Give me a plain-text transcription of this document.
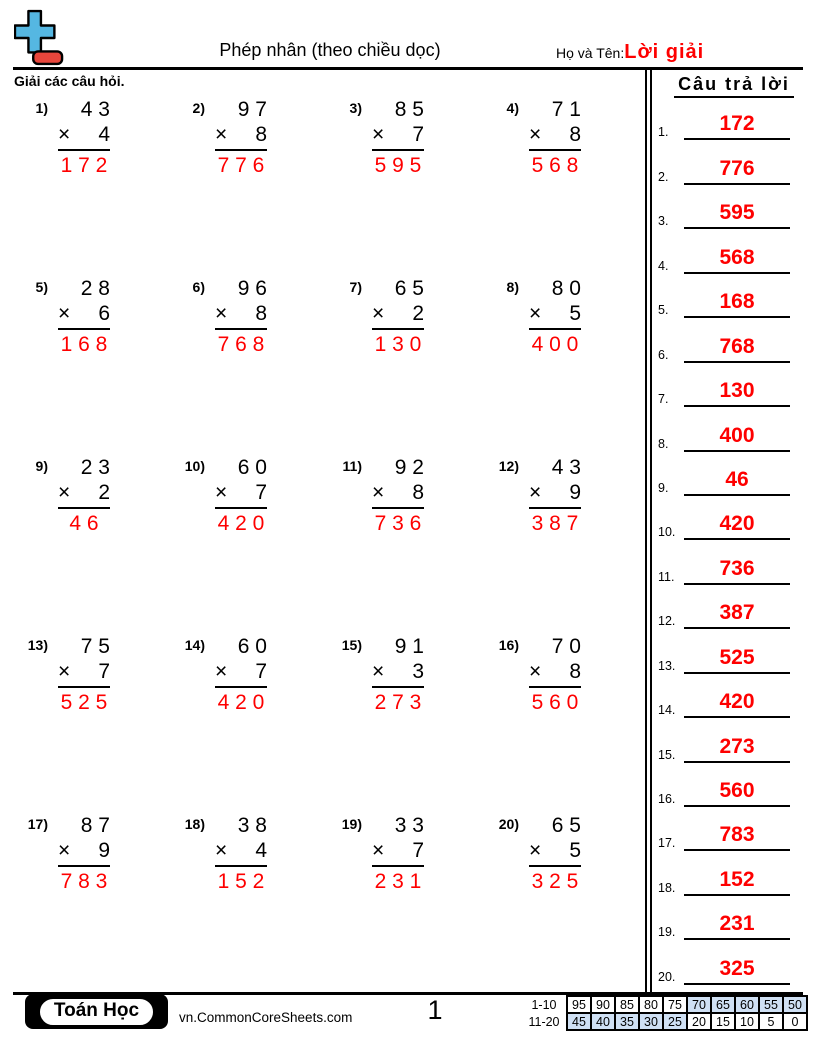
Phép nhân (theo chiều dọc)	Họ và Tên: Lời giải
Giải các câu hỏi.
1)	4 3
× 4
1 7 2
2)	9 7
× 8
7 7 6
3)	8 5
× 7
5 9 5
4)	7 1
× 8
5 6 8
5)	2 8
× 6
1 6 8
6)	9 6
× 8
7 6 8
7)	6 5
× 2
1 3 0
8)	8 0
× 5
4 0 0
9)	2 3
× 2
4 6
10)	6 0
× 7
4 2 0
11)	9 2
× 8
7 3 6
12)	4 3
× 9
3 8 7
13)	7 5
× 7
5 2 5
14)	6 0
× 7
4 2 0
15)	9 1
× 3
2 7 3
16)	7 0
× 8
5 6 0
17)	8 7
× 9
7 8 3
18)	3 8
× 4
1 5 2
19)	3 3
× 7
2 3 1
20)	6 5
× 5
3 2 5
Câu trả lời
1.	172
2.	776
3.	595
4.	568
5.	168
6.	768
7.	130
8.	400
9.	46
10.	420
11.	736
12.	387
13.	525
14.	420
15.	273
16.	560
17.	783
18.	152
19.	231
20.	325
Toán Học	vn.CommonCoreSheets.com	1	1-10	95	90	85	80	75	70	65	60	55	50
11-20	45	40	35	30	25	20	15	10	5	0
